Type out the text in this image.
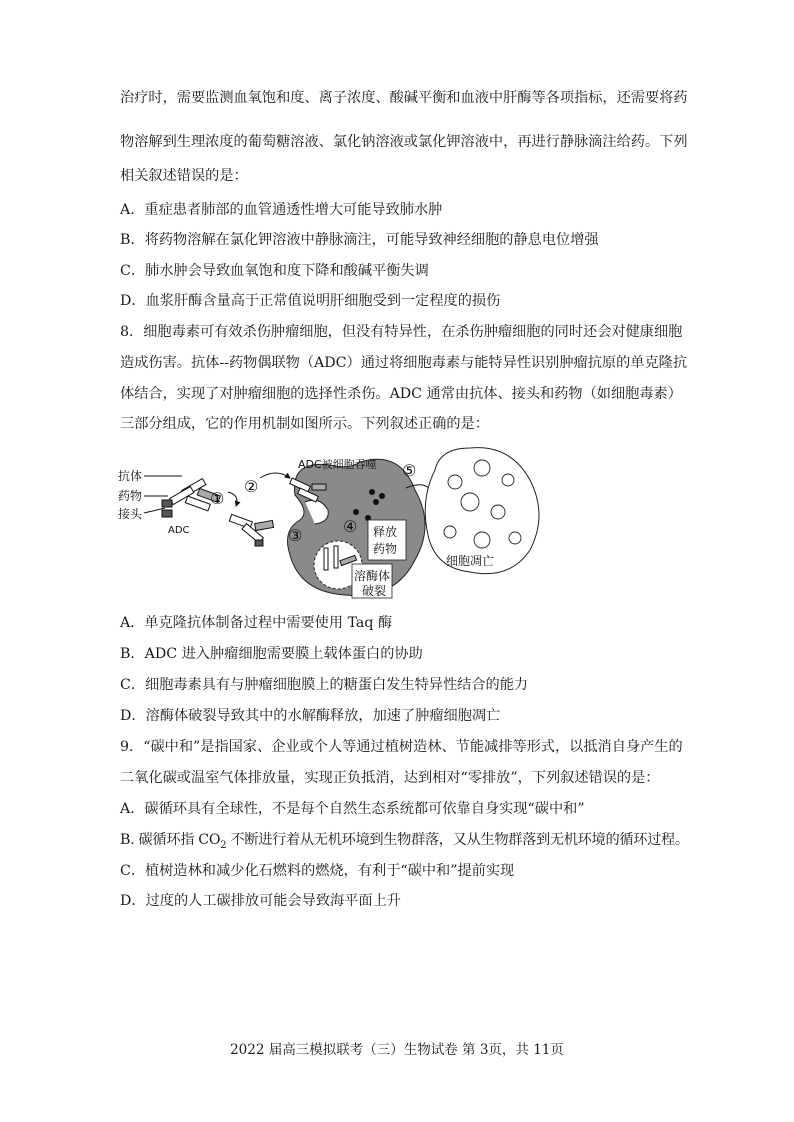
治疗时，需要监测血氧饱和度、离子浓度、酸碱平衡和血液中肝酶等各项指标，还需要将药
物溶解到生理浓度的葡萄糖溶液、氯化钠溶液或氯化钾溶液中，再进行静脉滴注给药。下列
相关叙述错误的是：
A．重症患者肺部的血管通透性增大可能导致肺水肿
B．将药物溶解在氯化钾溶液中静脉滴注，可能导致神经细胞的静息电位增强
C．肺水肿会导致血氧饱和度下降和酸碱平衡失调
D．血浆肝酶含量高于正常值说明肝细胞受到一定程度的损伤
8．细胞毒素可有效杀伤肿瘤细胞，但没有特异性，在杀伤肿瘤细胞的同时还会对健康细胞
造成伤害。抗体--药物偶联物（ADC）通过将细胞毒素与能特异性识别肿瘤抗原的单克隆抗
体结合，实现了对肿瘤细胞的选择性杀伤。ADC 通常由抗体、接头和药物（如细胞毒素）
三部分组成，它的作用机制如图所示。下列叙述正确的是：
抗体
药物
接头
ADC
①
②
ADC被细胞吞噬
④ 释放
药物
③
溶酶体
破裂
⑤
细胞凋亡
A．单克隆抗体制备过程中需要使用 Taq 酶
B．ADC 进入肿瘤细胞需要膜上载体蛋白的协助
C．细胞毒素具有与肿瘤细胞膜上的糖蛋白发生特异性结合的能力
D．溶酶体破裂导致其中的水解酶释放，加速了肿瘤细胞凋亡
9．“碳中和”是指国家、企业或个人等通过植树造林、节能减排等形式，以抵消自身产生的
二氧化碳或温室气体排放量，实现正负抵消，达到相对“零排放”，下列叙述错误的是：
A．碳循环具有全球性，不是每个自然生态系统都可依靠自身实现“碳中和”
B. 碳循环指 $CO_2$ 不断进行着从无机环境到生物群落，又从生物群落到无机环境的循环过程。
C．植树造林和减少化石燃料的燃烧，有利于“碳中和”提前实现
D．过度的人工碳排放可能会导致海平面上升
2022 届高三模拟联考（三）生物试卷 第 3页，共 11页
